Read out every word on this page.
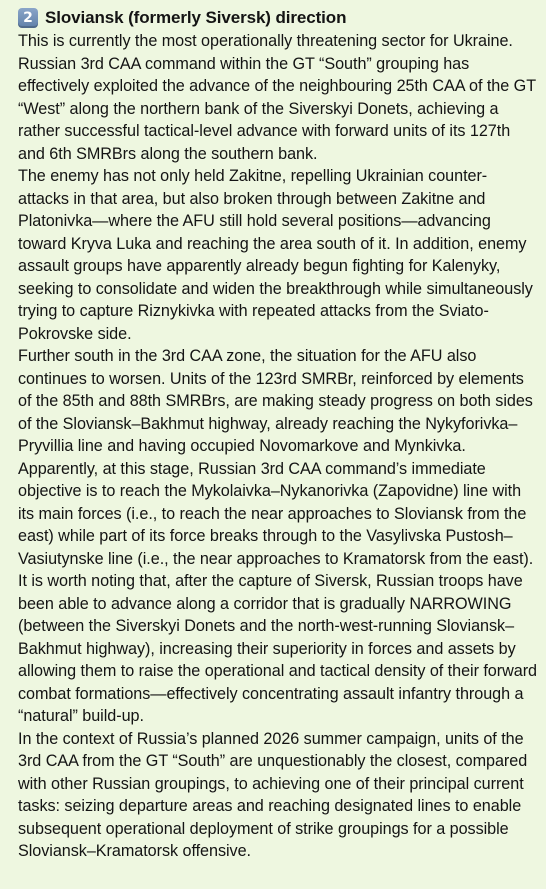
2 Sloviansk (formerly Siversk) direction

This is currently the most operationally threatening sector for Ukraine. Russian 3rd CAA command within the GT “South” grouping has effectively exploited the advance of the neighbouring 25th CAA of the GT “West” along the northern bank of the Siverskyi Donets, achieving a rather successful tactical-level advance with forward units of its 127th and 6th SMRBrs along the southern bank.

The enemy has not only held Zakitne, repelling Ukrainian counter-attacks in that area, but also broken through between Zakitne and Platonivka—where the AFU still hold several positions—advancing toward Kryva Luka and reaching the area south of it. In addition, enemy assault groups have apparently already begun fighting for Kalenyky, seeking to consolidate and widen the breakthrough while simultaneously trying to capture Riznykivka with repeated attacks from the Sviato-Pokrovske side.

Further south in the 3rd CAA zone, the situation for the AFU also continues to worsen. Units of the 123rd SMRBr, reinforced by elements of the 85th and 88th SMRBrs, are making steady progress on both sides of the Sloviansk–Bakhmut highway, already reaching the Nykyforivka–Pryvillia line and having occupied Novomarkove and Mynkivka.

Apparently, at this stage, Russian 3rd CAA command’s immediate objective is to reach the Mykolaivka–Nykanorivka (Zapovidne) line with its main forces (i.e., to reach the near approaches to Sloviansk from the east) while part of its force breaks through to the Vasylivska Pustosh–Vasiutynske line (i.e., the near approaches to Kramatorsk from the east).

It is worth noting that, after the capture of Siversk, Russian troops have been able to advance along a corridor that is gradually NARROWING (between the Siverskyi Donets and the north-west-running Sloviansk–Bakhmut highway), increasing their superiority in forces and assets by allowing them to raise the operational and tactical density of their forward combat formations—effectively concentrating assault infantry through a “natural” build-up.

In the context of Russia’s planned 2026 summer campaign, units of the 3rd CAA from the GT “South” are unquestionably the closest, compared with other Russian groupings, to achieving one of their principal current tasks: seizing departure areas and reaching designated lines to enable subsequent operational deployment of strike groupings for a possible Sloviansk–Kramatorsk offensive.
